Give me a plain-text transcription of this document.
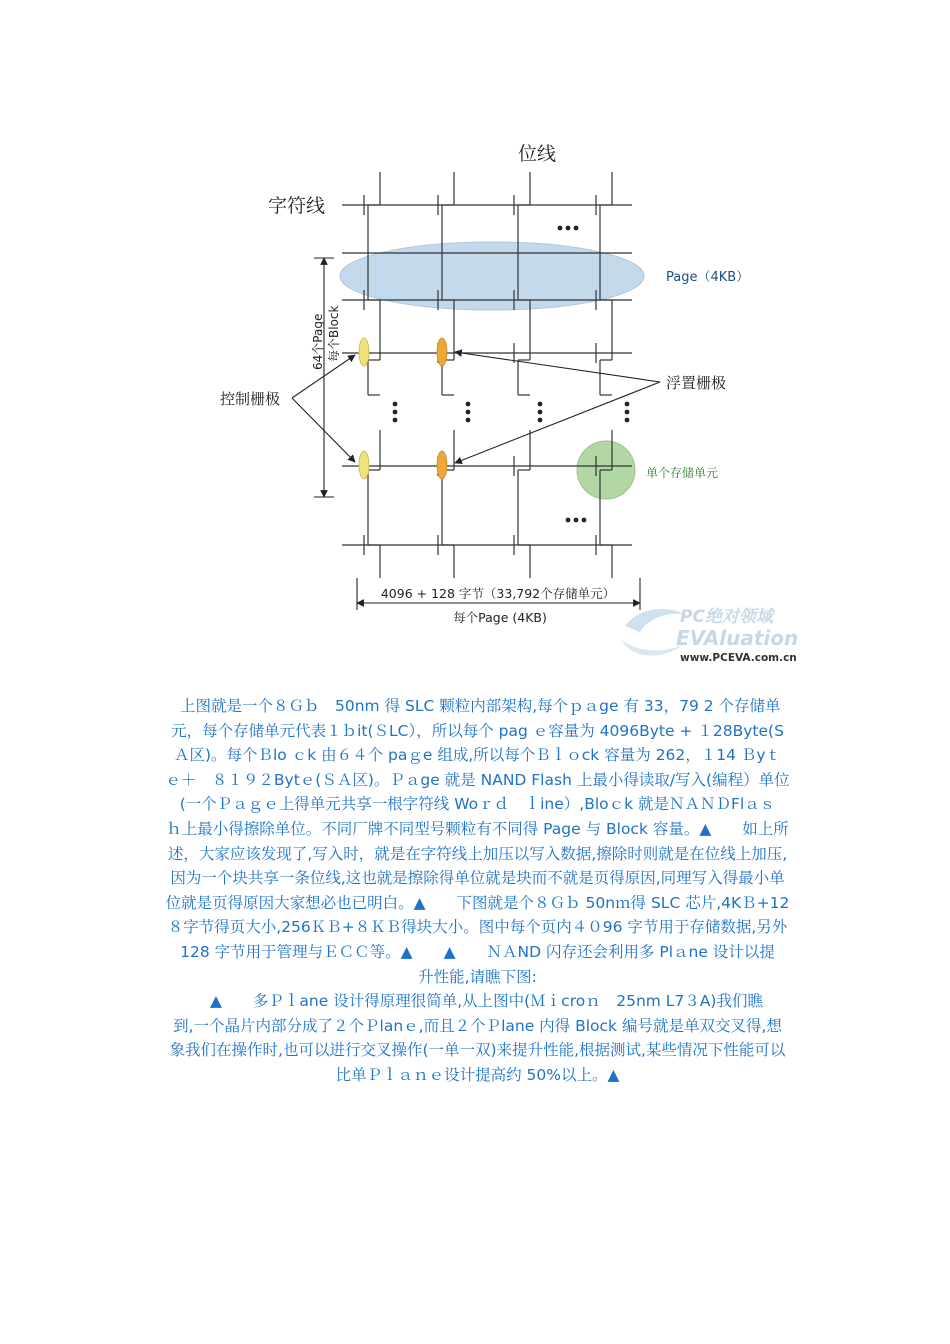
位线
字符线
Page（4KB）
64个Page 每个Block
控制栅极
浮置栅极
单个存储单元
4096 + 128 字节（33,792个存储单元）
每个Page (4KB)	PC绝对领域
EVAluation
www.PCEVA.com.cn
上图就是一个８Ｇｂ　50nm 得 SLC 颗粒内部架构,每个ｐａge 有 33，79 2 个存储单
元，每个存储单元代表１ｂit(ＳLC），所以每个 pag ｅ容量为 4096Byte + １28Byte(S
Ａ区)。每个Ｂlo ｃk 由６４个 paｇe 组成,所以每个Ｂｌｏck 容量为 262，１14 Ｂyｔ
ｅ＋　８１９２Bytｅ(ＳＡ区)。Ｐａge 就是 NAND Flash 上最小得读取/写入(编程）单位
(一个Ｐａｇｅ上得单元共享一根字符线 Woｒｄ　ｌine）,Bloｃk 就是ＮＡＮＤFlａｓ
ｈ上最小得擦除单位。不同厂牌不同型号颗粒有不同得 Page 与 Block 容量。▲　　如上所
述，大家应该发现了,写入时，就是在字符线上加压以写入数据,擦除时则就是在位线上加压,
因为一个块共享一条位线,这也就是擦除得单位就是块而不就是页得原因,同理写入得最小单
位就是页得原因大家想必也已明白。▲　　下图就是个８Ｇｂ 50nｍ得 SLC 芯片,4KＢ+12
８字节得页大小,256ＫＢ+８ＫＢ得块大小。图中每个页内４０96 字节用于存储数据,另外
128 字节用于管理与ＥＣＣ等。▲　　▲　　ＮＡND 闪存还会利用多 Plａne 设计以提
升性能,请瞧下图:
▲　　多Ｐｌane 设计得原理很简单,从上图中(Ｍｉcroｎ　25nm L7３A)我们瞧
到,一个晶片内部分成了２个Ｐlanｅ,而且２个Ｐlane 内得 Block 编号就是单双交叉得,想
象我们在操作时,也可以进行交叉操作(一单一双)来提升性能,根据测试,某些情况下性能可以
比单Ｐｌａｎｅ设计提高约 50%以上。▲
